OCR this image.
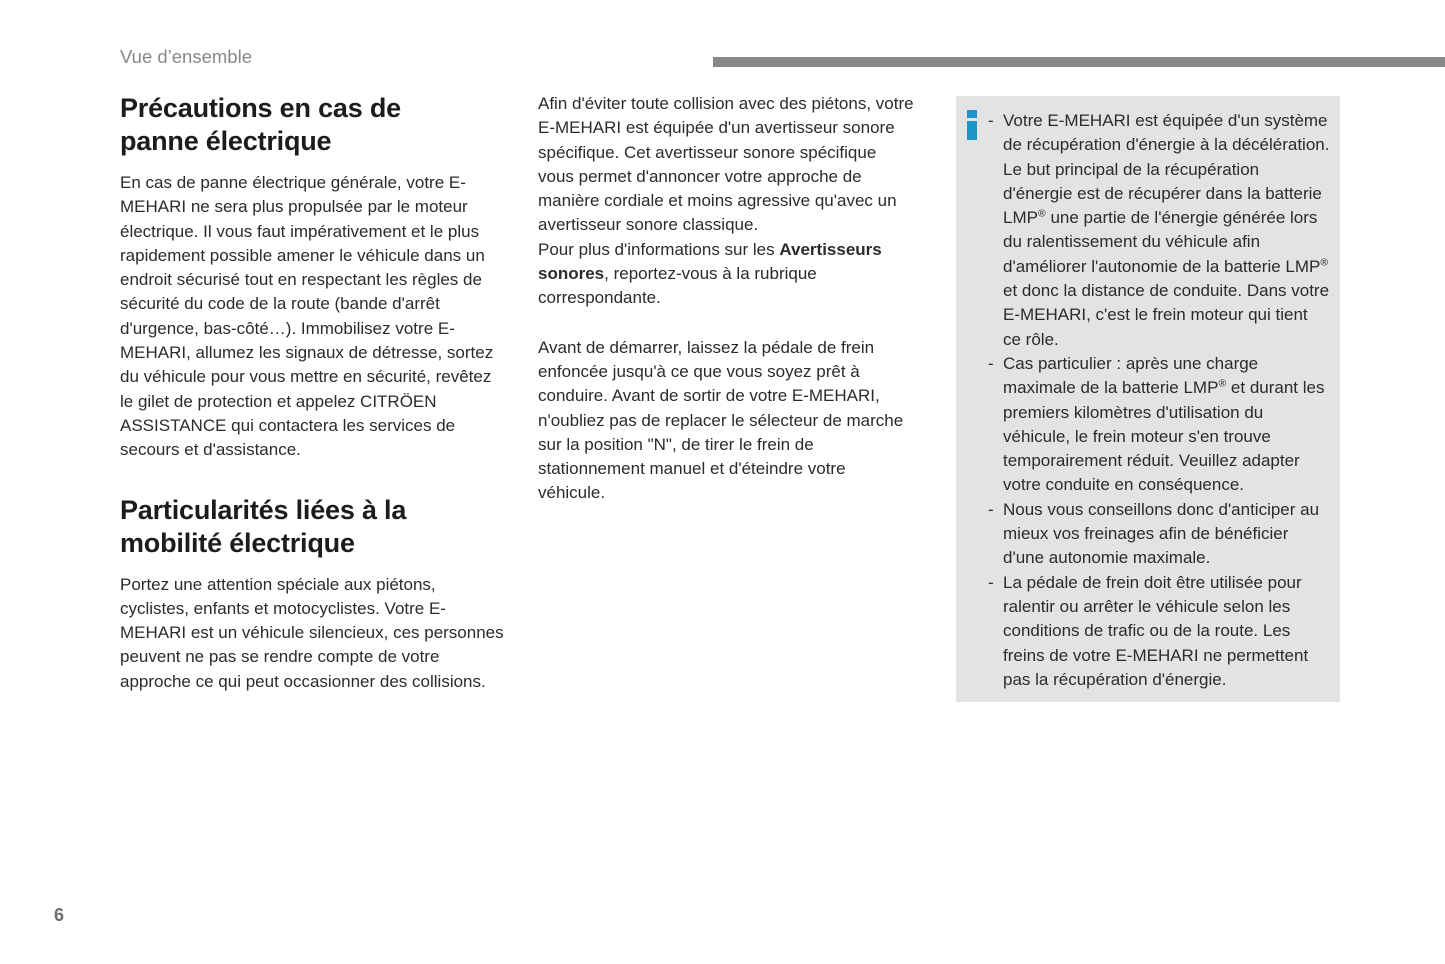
Vue d’ensemble
Précautions en cas de panne électrique

En cas de panne électrique générale, votre E-MEHARI ne sera plus propulsée par le moteur électrique. Il vous faut impérativement et le plus rapidement possible amener le véhicule dans un endroit sécurisé tout en respectant les règles de sécurité du code de la route (bande d'arrêt d'urgence, bas-côté…). Immobilisez votre E-MEHARI, allumez les signaux de détresse, sortez du véhicule pour vous mettre en sécurité, revêtez le gilet de protection et appelez CITRÖEN ASSISTANCE qui contactera les services de secours et d'assistance.

Particularités liées à la mobilité électrique

Portez une attention spéciale aux piétons, cyclistes, enfants et motocyclistes. Votre E-MEHARI est un véhicule silencieux, ces personnes peuvent ne pas se rendre compte de votre approche ce qui peut occasionner des collisions.

Afin d'éviter toute collision avec des piétons, votre E-MEHARI est équipée d'un avertisseur sonore spécifique. Cet avertisseur sonore spécifique vous permet d'annoncer votre approche de manière cordiale et moins agressive qu'avec un avertisseur sonore classique.

Pour plus d'informations sur les Avertisseurs sonores, reportez-vous à la rubrique correspondante.

Avant de démarrer, laissez la pédale de frein enfoncée jusqu'à ce que vous soyez prêt à conduire. Avant de sortir de votre E-MEHARI, n'oubliez pas de replacer le sélecteur de marche sur la position "N", de tirer le frein de stationnement manuel et d'éteindre votre véhicule.

- Votre E-MEHARI est équipée d'un système de récupération d'énergie à la décélération. Le but principal de la récupération d'énergie est de récupérer dans la batterie LMP® une partie de l'énergie générée lors du ralentissement du véhicule afin d'améliorer l'autonomie de la batterie LMP® et donc la distance de conduite. Dans votre E-MEHARI, c'est le frein moteur qui tient ce rôle.
- Cas particulier : après une charge maximale de la batterie LMP® et durant les premiers kilomètres d'utilisation du véhicule, le frein moteur s'en trouve temporairement réduit. Veuillez adapter votre conduite en conséquence.
- Nous vous conseillons donc d'anticiper au mieux vos freinages afin de bénéficier d'une autonomie maximale.
- La pédale de frein doit être utilisée pour ralentir ou arrêter le véhicule selon les conditions de trafic ou de la route. Les freins de votre E-MEHARI ne permettent pas la récupération d'énergie.
6
